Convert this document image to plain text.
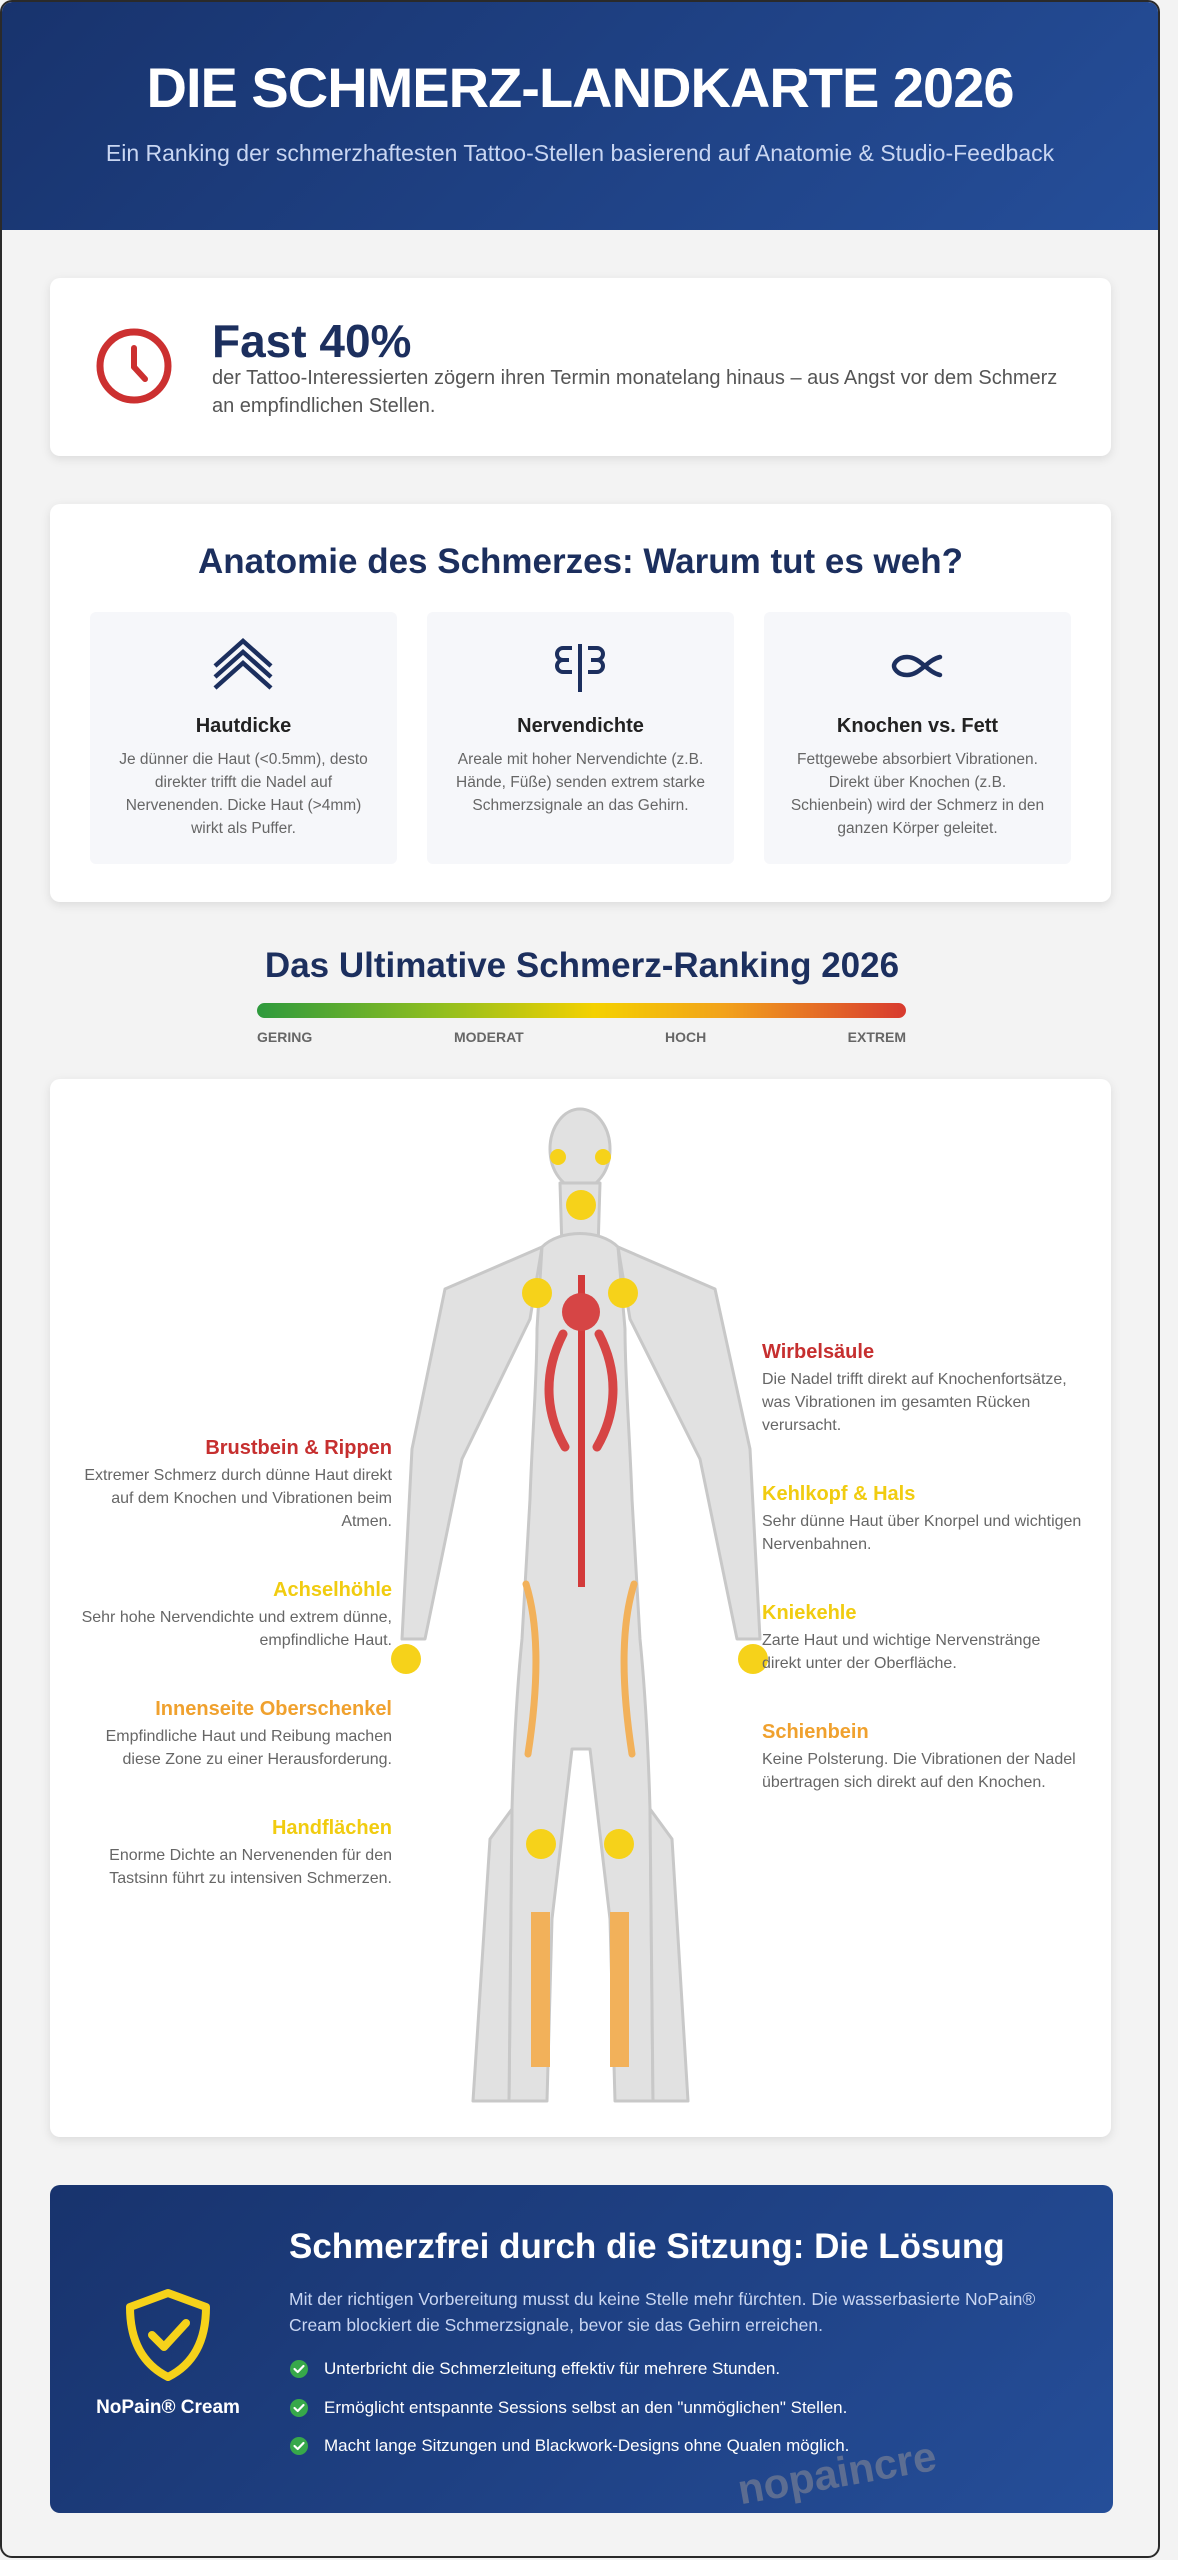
DIE SCHMERZ-LANDKARTE 2026

Ein Ranking der schmerzhaftesten Tattoo-Stellen basierend auf Anatomie & Studio-Feedback

Fast 40%
der Tattoo-Interessierten zögern ihren Termin monatelang hinaus – aus Angst vor dem Schmerz an empfindlichen Stellen.
Anatomie des Schmerzes: Warum tut es weh?
Hautdicke

Je dünner die Haut (<0.5mm), desto direkter trifft die Nadel auf Nervenenden. Dicke Haut (>4mm) wirkt als Puffer.

Nervendichte

Areale mit hoher Nervendichte (z.B. Hände, Füße) senden extrem starke Schmerzsignale an das Gehirn.

Knochen vs. Fett

Fettgewebe absorbiert Vibrationen. Direkt über Knochen (z.B. Schienbein) wird der Schmerz in den ganzen Körper geleitet.

Das Ultimative Schmerz-Ranking 2026
GERING	MODERAT	HOCH	EXTREM
Brustbein & Rippen

Extremer Schmerz durch dünne Haut direkt auf dem Knochen und Vibrationen beim Atmen.

Achselhöhle

Sehr hohe Nervendichte und extrem dünne, empfindliche Haut.

Innenseite Oberschenkel

Empfindliche Haut und Reibung machen diese Zone zu einer Herausforderung.

Handflächen

Enorme Dichte an Nervenenden für den Tastsinn führt zu intensiven Schmerzen.

Wirbelsäule

Die Nadel trifft direkt auf Knochenfortsätze, was Vibrationen im gesamten Rücken verursacht.

Kehlkopf & Hals

Sehr dünne Haut über Knorpel und wichtigen Nervenbahnen.

Kniekehle

Zarte Haut und wichtige Nervenstränge direkt unter der Oberfläche.

Schienbein

Keine Polsterung. Die Vibrationen der Nadel übertragen sich direkt auf den Knochen.

NoPain® Cream
Schmerzfrei durch die Sitzung: Die Lösung
Mit der richtigen Vorbereitung musst du keine Stelle mehr fürchten. Die wasserbasierte NoPain® Cream blockiert die Schmerzsignale, bevor sie das Gehirn erreichen.
Unterbricht die Schmerzleitung effektiv für mehrere Stunden.
Ermöglicht entspannte Sessions selbst an den "unmöglichen" Stellen.
Macht lange Sitzungen und Blackwork-Designs ohne Qualen möglich.
nopaincre
